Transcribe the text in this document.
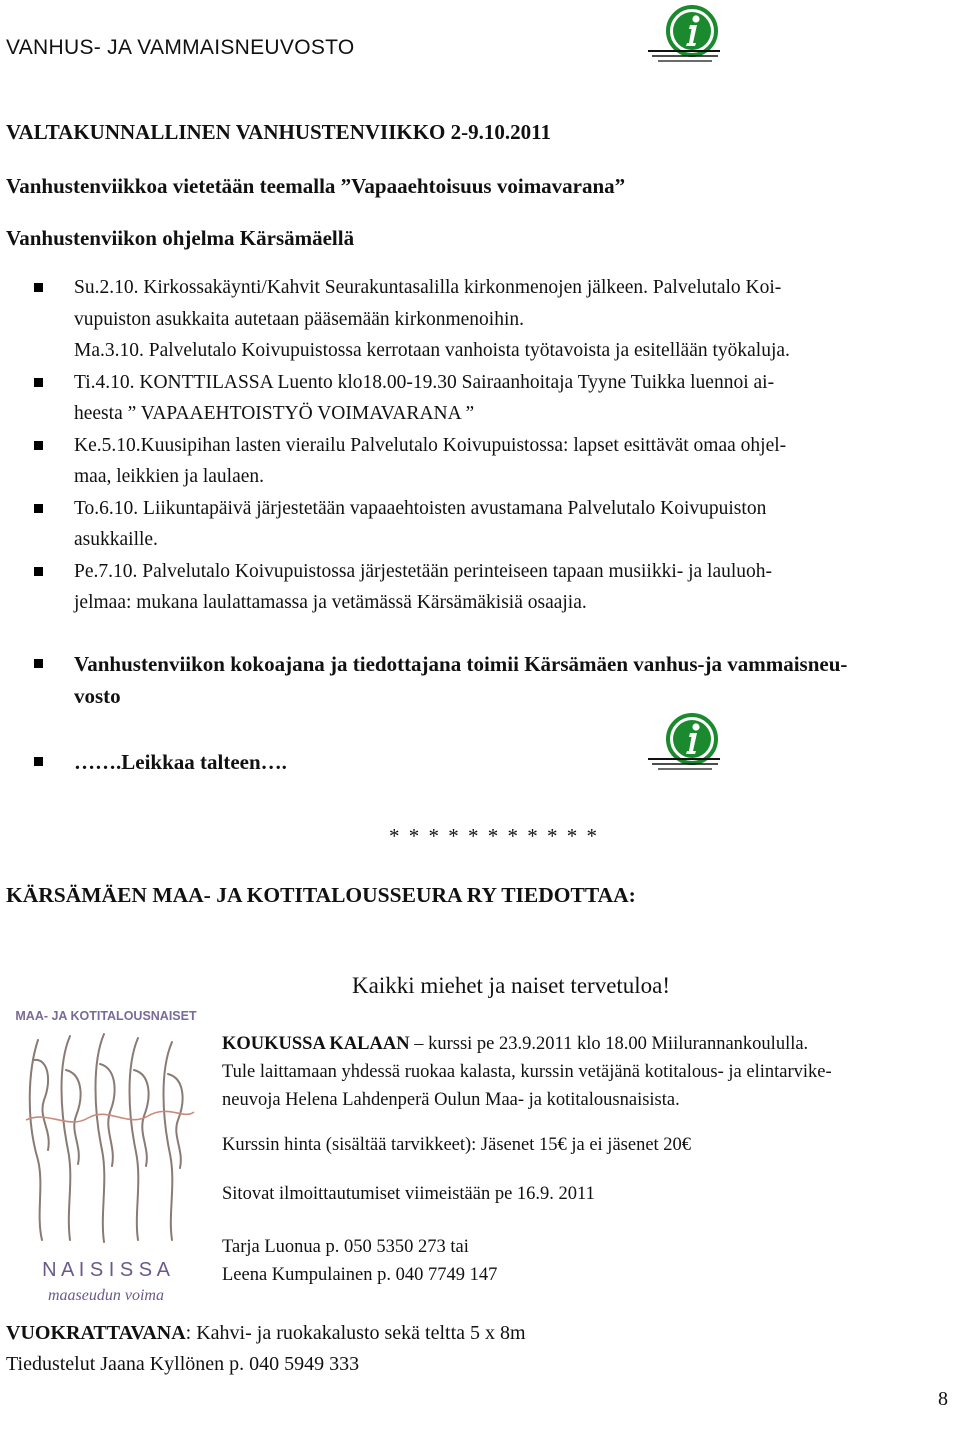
VANHUS- JA VAMMAISNEUVOSTO
VALTAKUNNALLINEN VANHUSTENVIIKKO 2-9.10.2011
Vanhustenviikkoa vietetään teemalla ”Vapaaehtoisuus voimavarana”
Vanhustenviikon ohjelma Kärsämäellä
Su.2.10. Kirkossakäynti/Kahvit Seurakuntasalilla kirkonmenojen jälkeen. Palvelutalo Koi-
vupuiston asukkaita autetaan pääsemään kirkonmenoihin.
Ma.3.10. Palvelutalo Koivupuistossa kerrotaan vanhoista työtavoista ja esitellään työkaluja.
Ti.4.10. KONTTILASSA Luento klo18.00-19.30 Sairaanhoitaja Tyyne Tuikka luennoi ai-
heesta ” VAPAAEHTOISTYÖ VOIMAVARANA ”
Ke.5.10.Kuusipihan lasten vierailu Palvelutalo Koivupuistossa: lapset esittävät omaa ohjel-
maa, leikkien ja laulaen.
To.6.10. Liikuntapäivä järjestetään vapaaehtoisten avustamana Palvelutalo Koivupuiston
asukkaille.
Pe.7.10. Palvelutalo Koivupuistossa järjestetään perinteiseen tapaan musiikki- ja lauluoh-
jelmaa: mukana laulattamassa ja vetämässä Kärsämäkisiä osaajia.
Vanhustenviikon kokoajana ja tiedottajana toimii Kärsämäen vanhus-ja vammaisneu-
vosto
…….Leikkaa talteen….
* * * * * * * * * * *
KÄRSÄMÄEN MAA- JA KOTITALOUSSEURA RY TIEDOTTAA:
MAA- JA KOTITALOUSNAISET
N A I S I S S A
maaseudun voima
Kaikki miehet ja naiset tervetuloa!

KOUKUSSA KALAAN – kurssi pe 23.9.2011 klo 18.00 Miilurannankoululla.

Tule laittamaan yhdessä ruokaa kalasta, kurssin vetäjänä kotitalous- ja elintarvike-

neuvoja Helena Lahdenperä Oulun Maa- ja kotitalousnaisista.

Kurssin hinta (sisältää tarvikkeet): Jäsenet 15€ ja ei jäsenet 20€
Sitovat ilmoittautumiset viimeistään pe 16.9. 2011
Tarja Luonua p. 050 5350 273 tai
Leena Kumpulainen p. 040 7749 147
VUOKRATTAVANA: Kahvi- ja ruokakalusto sekä teltta 5 x 8m
Tiedustelut Jaana Kyllönen p. 040 5949 333
8
